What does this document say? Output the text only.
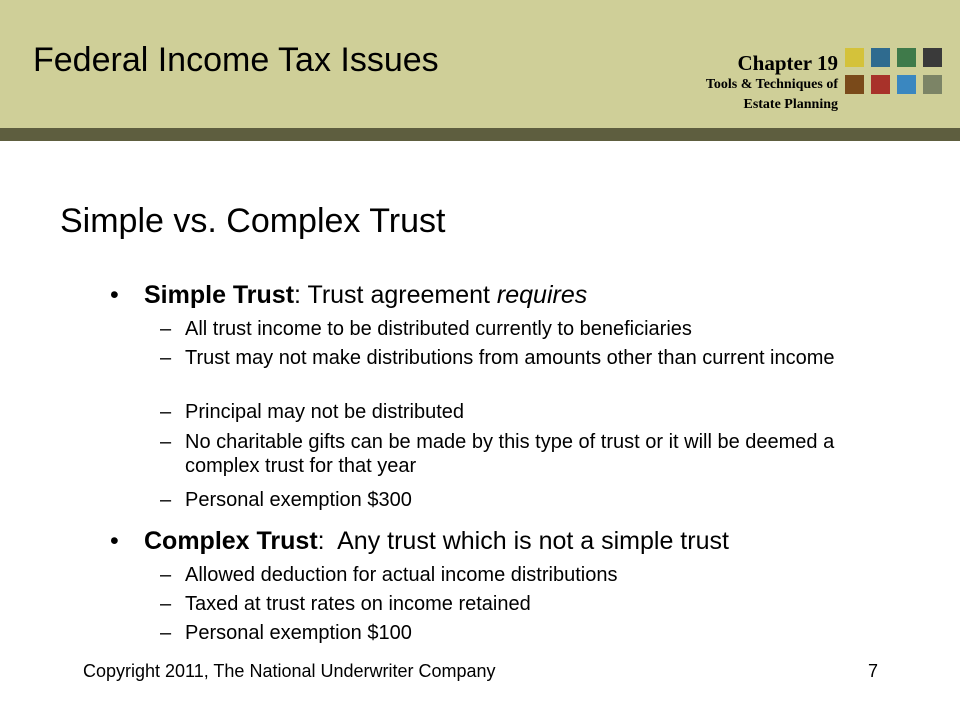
Federal Income Tax Issues	Chapter 19
Tools & Techniques of
Estate Planning
Simple vs. Complex Trust
• Simple Trust: Trust agreement requires
– All trust income to be distributed currently to beneficiaries
– Trust may not make distributions from amounts other than current income
– Principal may not be distributed
– No charitable gifts can be made by this type of trust or it will be deemed a complex trust for that year
– Personal exemption $300
• Complex Trust:  Any trust which is not a simple trust
– Allowed deduction for actual income distributions
– Taxed at trust rates on income retained
– Personal exemption $100
Copyright 2011, The National Underwriter Company	7
